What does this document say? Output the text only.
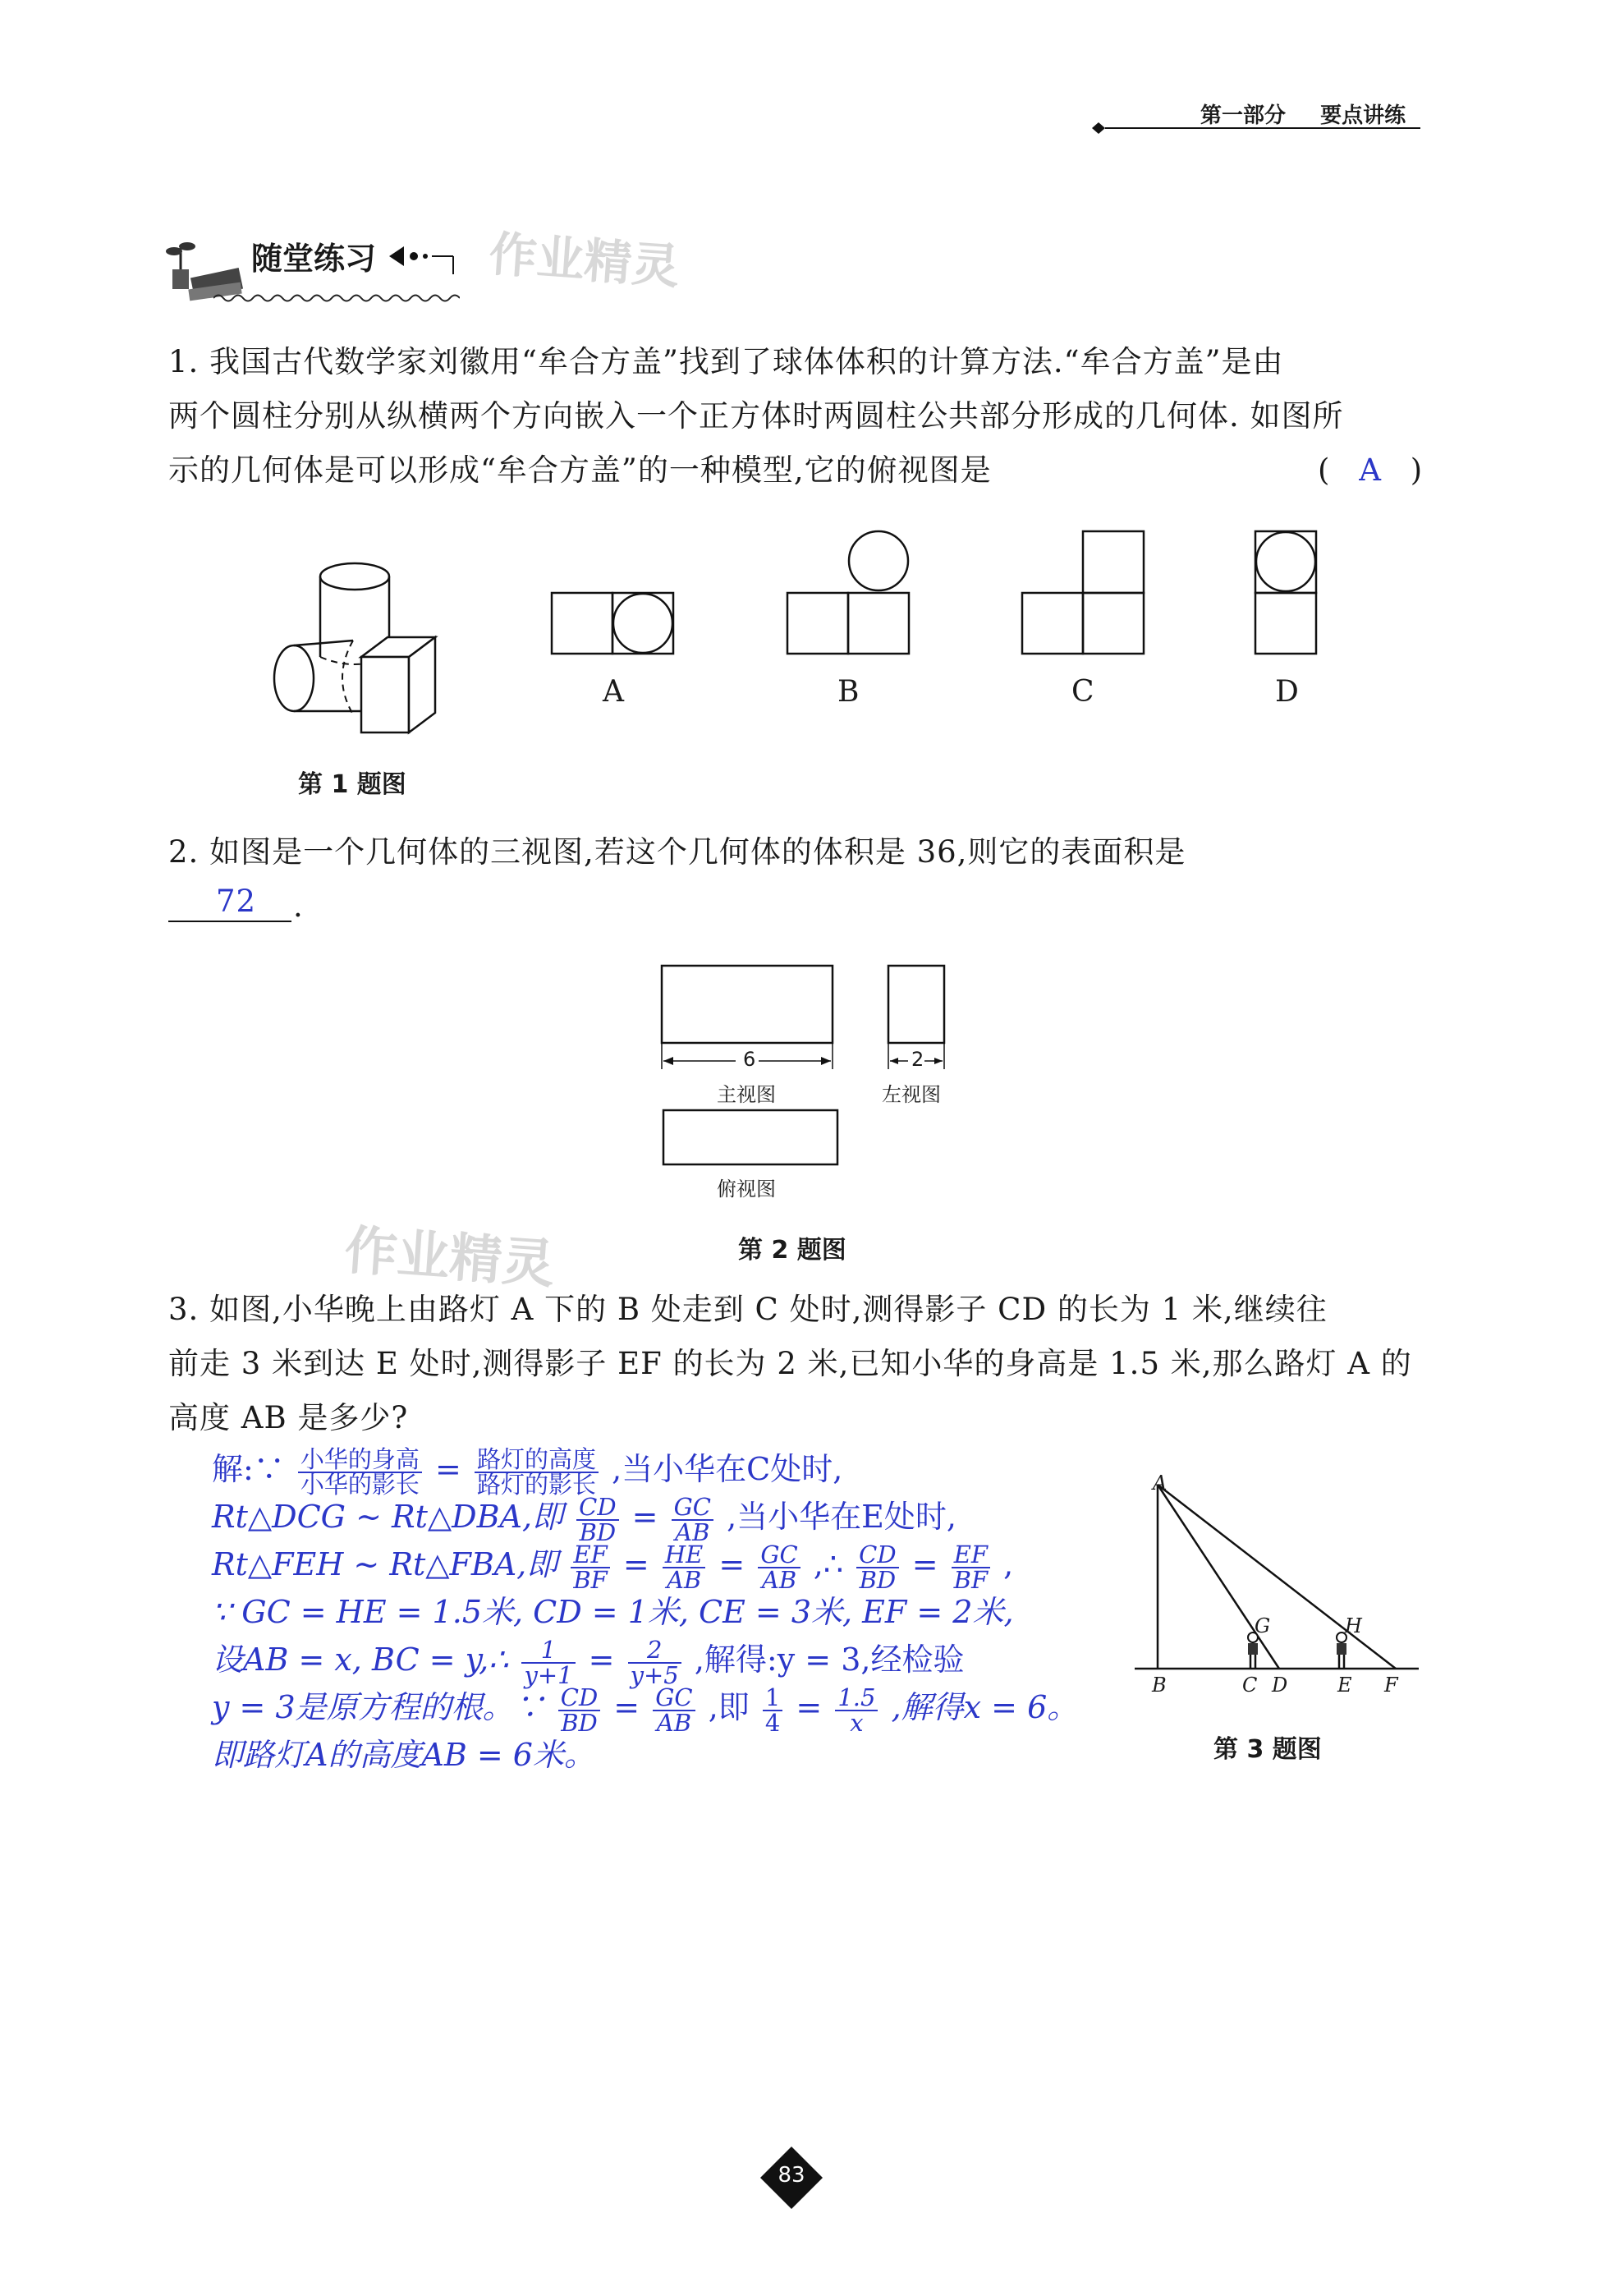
第一部分 要点讲练
随堂练习 作业精灵
作业精灵
1. 我国古代数学家刘徽用“牟合方盖”找到了球体体积的计算方法.“牟合方盖”是由
两个圆柱分别从纵横两个方向嵌入一个正方体时两圆柱公共部分形成的几何体. 如图所
示的几何体是可以形成“牟合方盖”的一种模型,它的俯视图是	( A )
A	B	C	D
第 1 题图
2. 如图是一个几何体的三视图,若这个几何体的体积是 36,则它的表面积是
72 .
6
主视图
2
左视图
俯视图
第 2 题图
3. 如图,小华晚上由路灯 A 下的 B 处走到 C 处时,测得影子 CD 的长为 1 米,继续往
前走 3 米到达 E 处时,测得影子 EF 的长为 2 米,已知小华的身高是 1.5 米,那么路灯 A 的
高度 AB 是多少?
解:∵ $\frac{\text{小华的身高}}{\text{小华的影长}} = \frac{\text{路灯的高度}}{\text{路灯的影长}}$ ,当小华在C处时,
Rt△DCG ∼ Rt△DBA,即 $\frac{CD}{BD} = \frac{GC}{AB}$ ,当小华在E处时,
Rt△FEH ∼ Rt△FBA,即 $\frac{EF}{BF} = \frac{HE}{AB} = \frac{GC}{AB}$ ,∴ $\frac{CD}{BD} = \frac{EF}{BF}$ ,
∵ GC = HE = 1.5米, CD = 1米, CE = 3米, EF = 2米,
设AB = x, BC = y,∴ $\frac{1}{y+1} = \frac{2}{y+5}$ ,解得:y = 3,经检验
y = 3是原方程的根。∵ $\frac{CD}{BD} = \frac{GC}{AB}$ ,即 $\frac{1}{4} = \frac{1.5}{x}$ ,解得x = 6。
即路灯A的高度AB = 6米。
A
G	H
B	C D	E F
第 3 题图
83
